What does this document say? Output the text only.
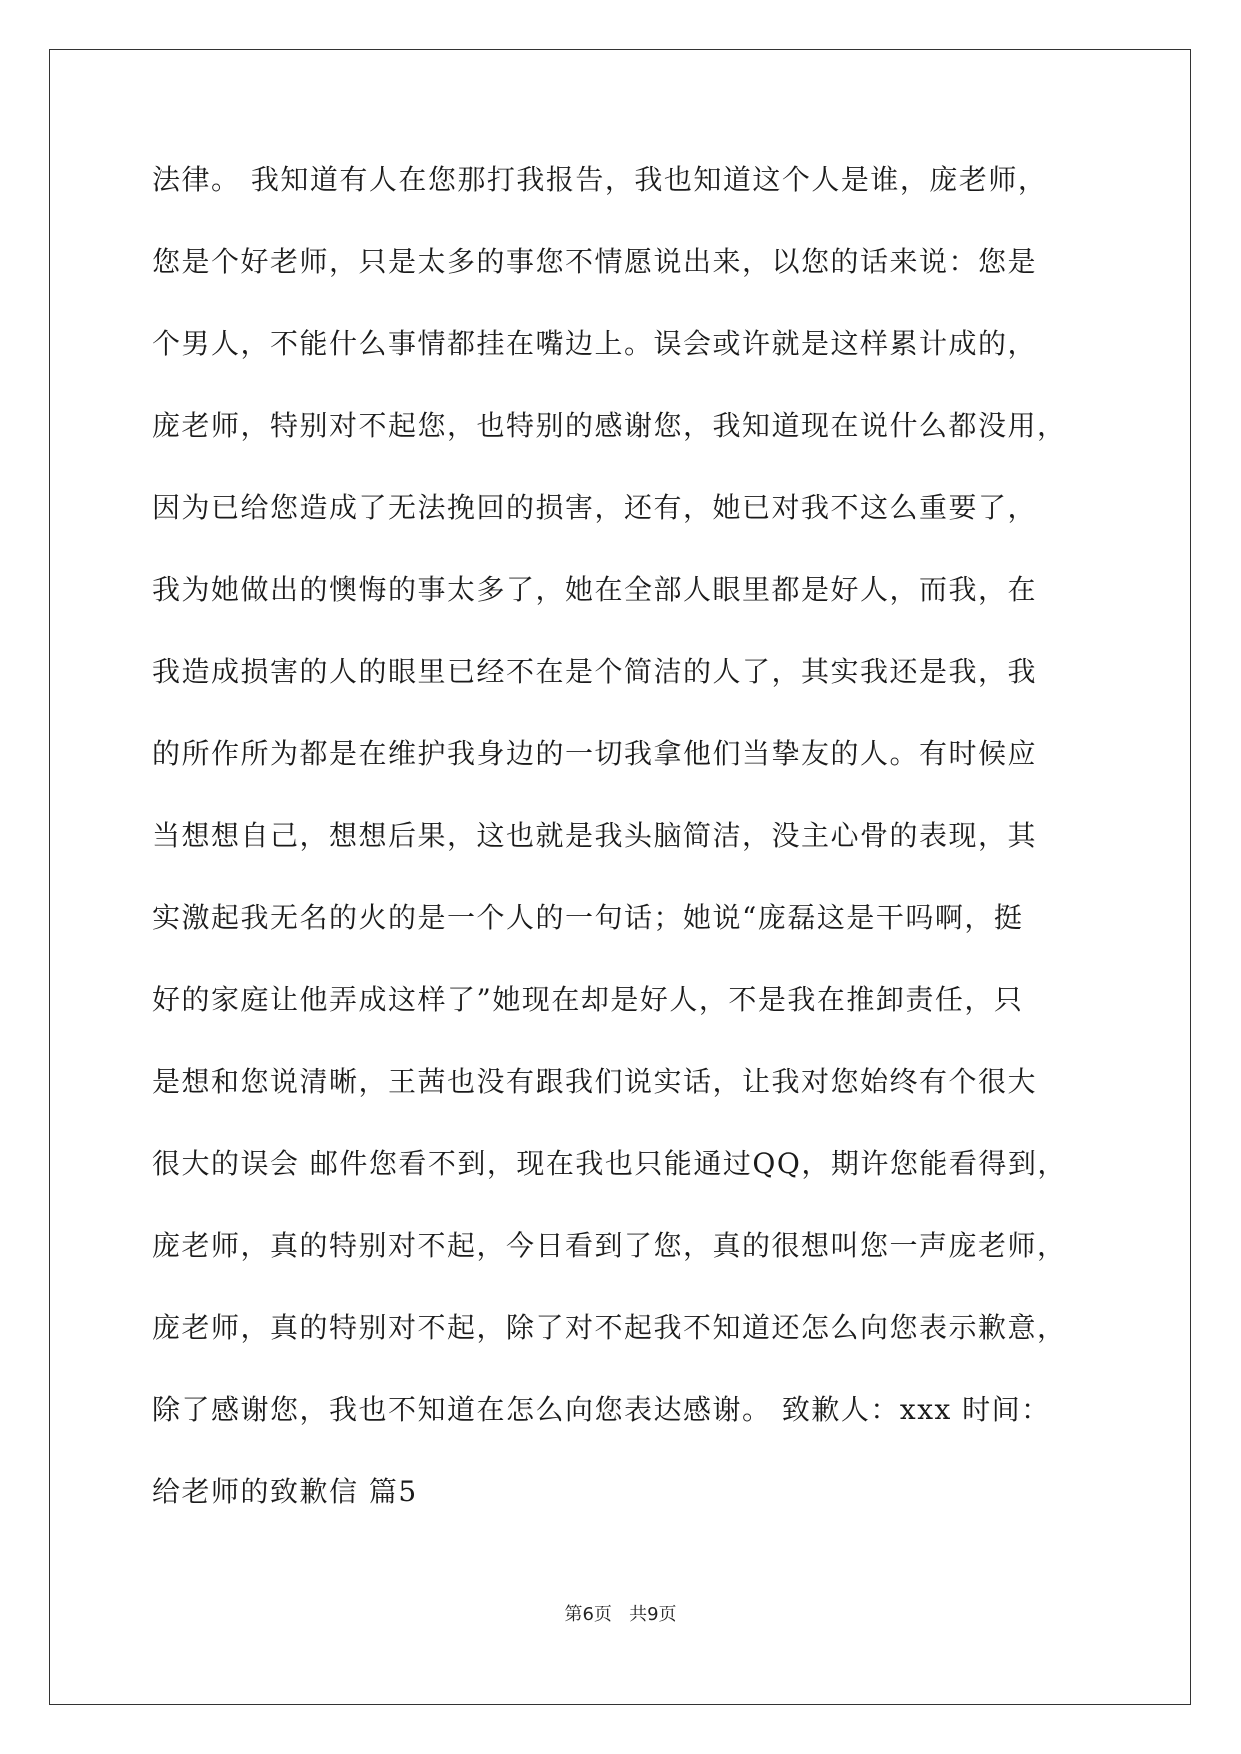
法律。 我知道有人在您那打我报告，我也知道这个人是谁，庞老师，
您是个好老师，只是太多的事您不情愿说出来，以您的话来说：您是
个男人，不能什么事情都挂在嘴边上。误会或许就是这样累计成的，
庞老师，特别对不起您，也特别的感谢您，我知道现在说什么都没用，
因为已给您造成了无法挽回的损害，还有，她已对我不这么重要了，
我为她做出的懊悔的事太多了，她在全部人眼里都是好人，而我，在
我造成损害的人的眼里已经不在是个简洁的人了，其实我还是我，我
的所作所为都是在维护我身边的一切我拿他们当挚友的人。有时候应
当想想自己，想想后果，这也就是我头脑简洁，没主心骨的表现，其
实激起我无名的火的是一个人的一句话；她说“庞磊这是干吗啊，挺
好的家庭让他弄成这样了”她现在却是好人，不是我在推卸责任，只
是想和您说清晰，王茜也没有跟我们说实话，让我对您始终有个很大
很大的误会 邮件您看不到，现在我也只能通过QQ，期许您能看得到，
庞老师，真的特别对不起，今日看到了您，真的很想叫您一声庞老师，
庞老师，真的特别对不起，除了对不起我不知道还怎么向您表示歉意，
除了感谢您，我也不知道在怎么向您表达感谢。 致歉人：xxx 时间：
给老师的致歉信 篇5
第6页 共9页
